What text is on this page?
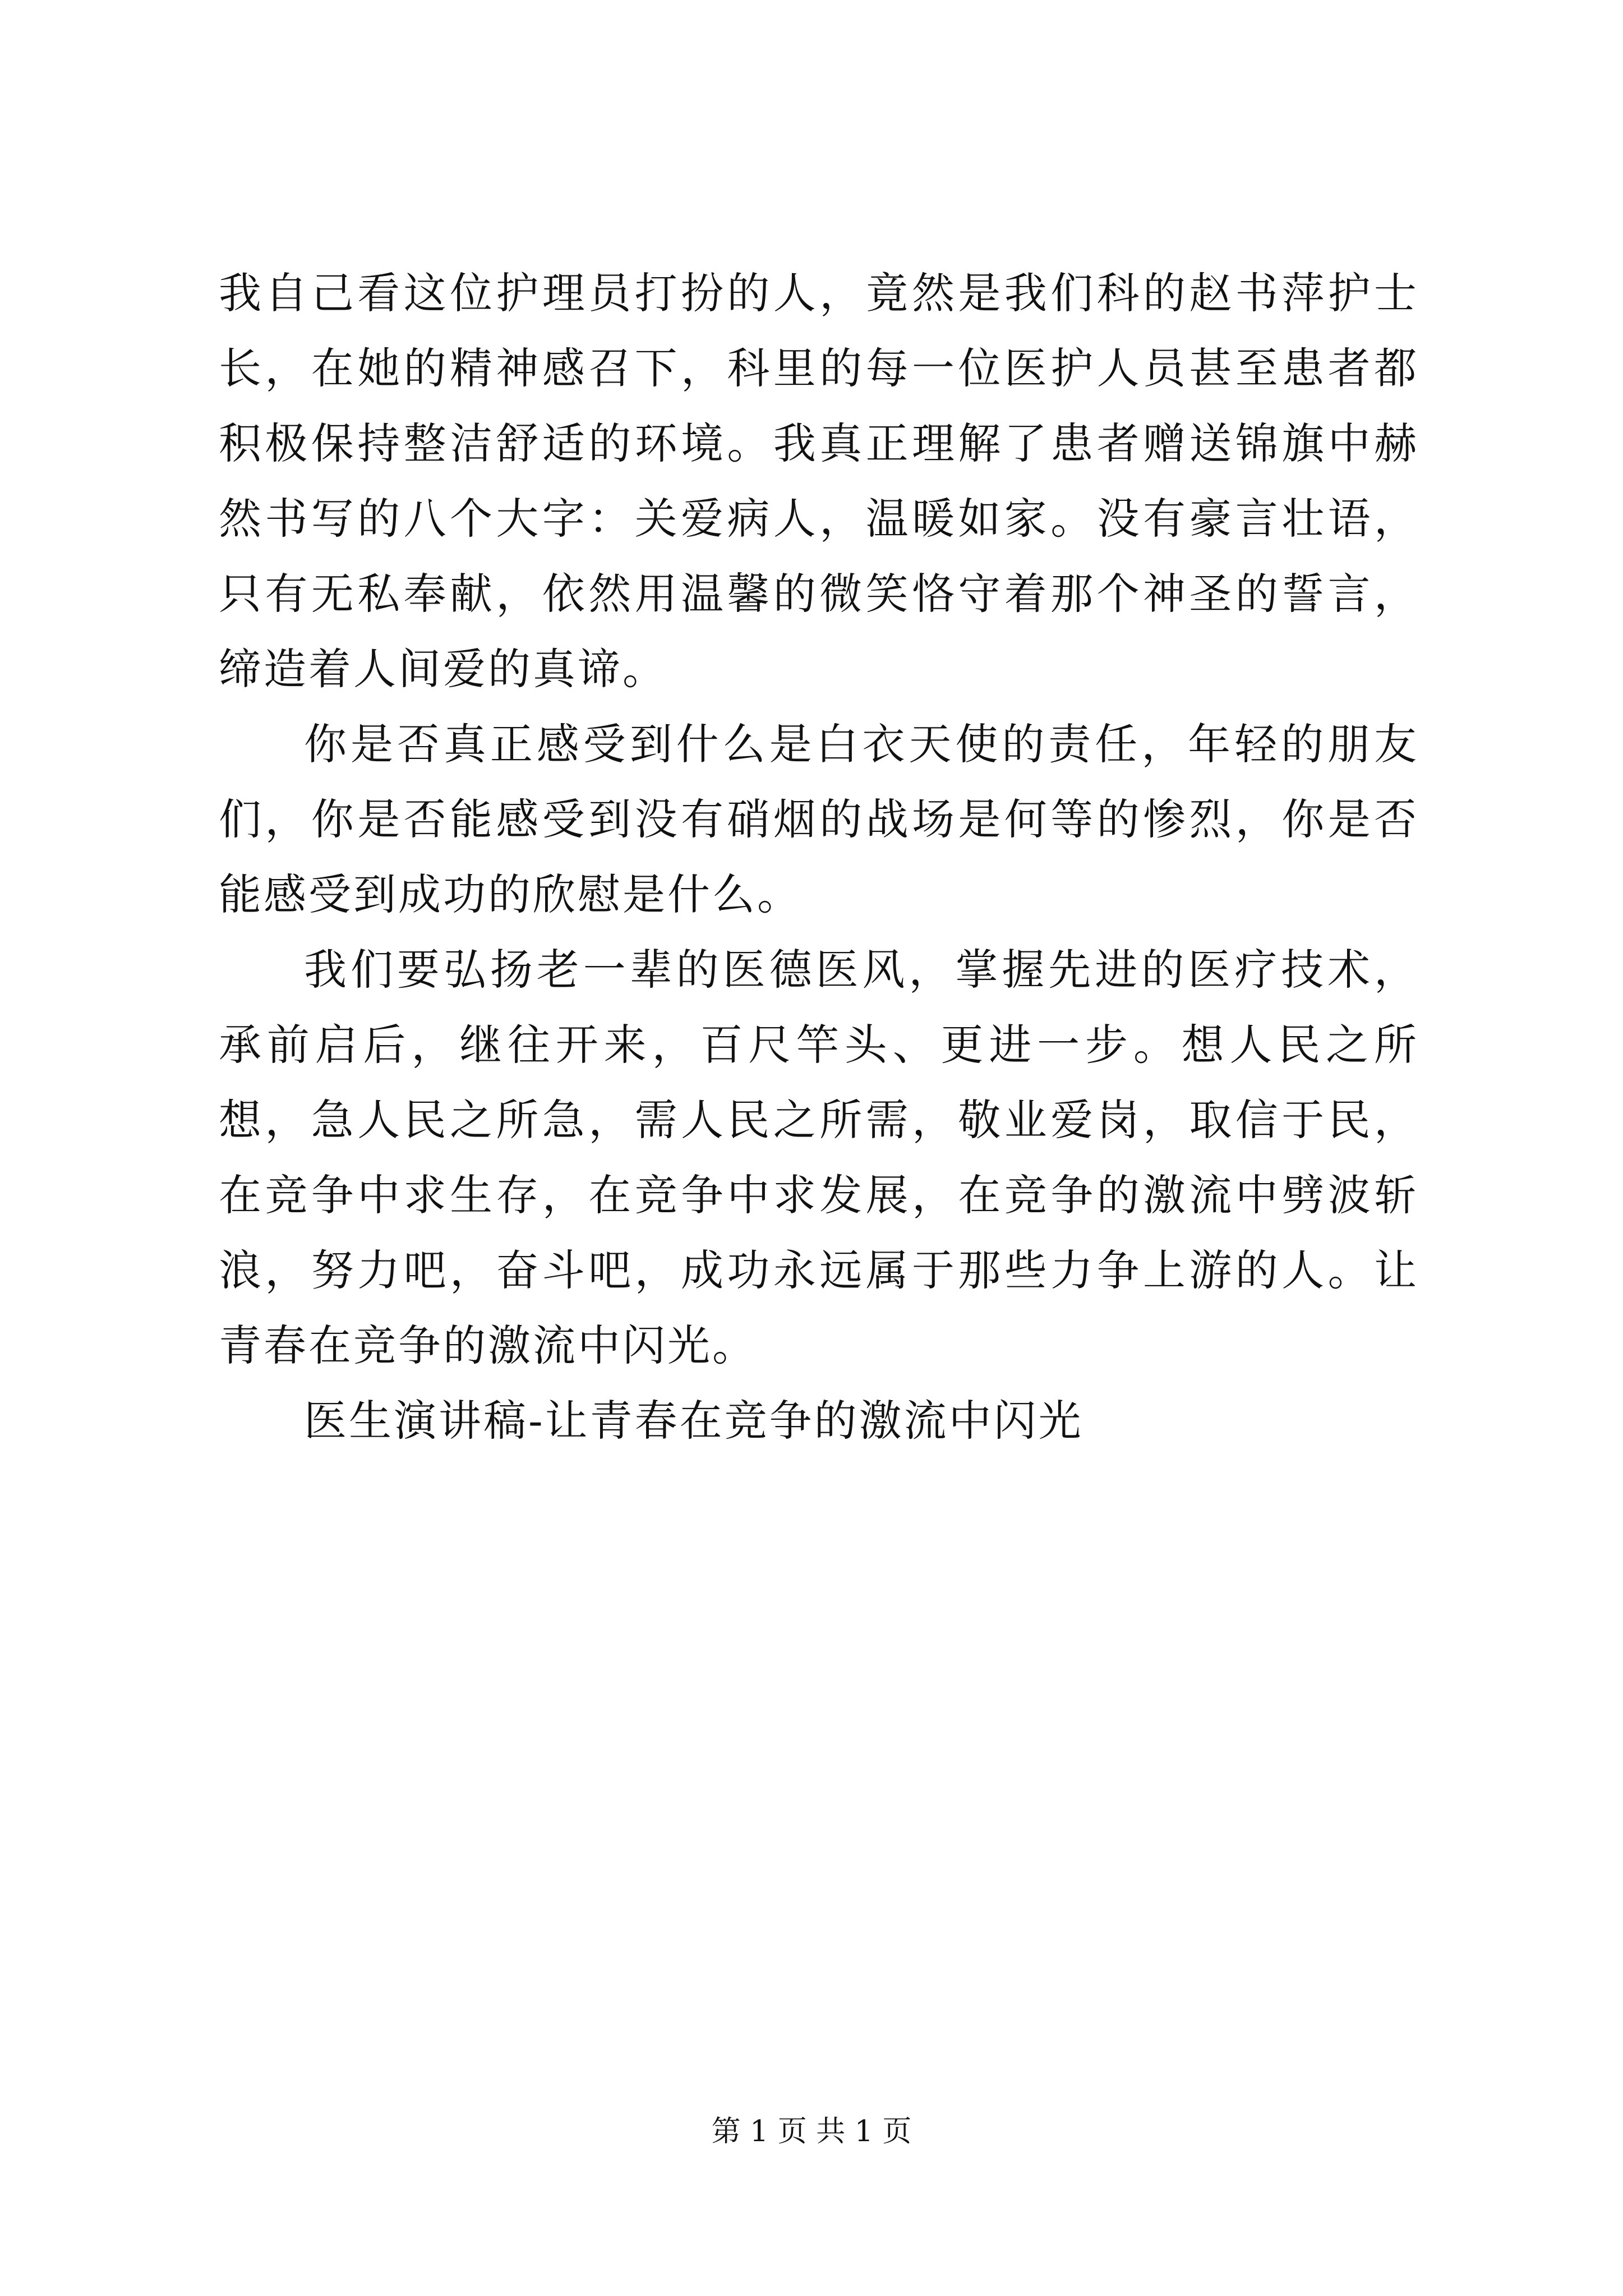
我自己看这位护理员打扮的人，竟然是我们科的赵书萍护士长，在她的精神感召下，科里的每一位医护人员甚至患者都积极保持整洁舒适的环境。我真正理解了患者赠送锦旗中赫然书写的八个大字：关爱病人，温暖如家。没有豪言壮语，只有无私奉献，依然用温馨的微笑恪守着那个神圣的誓言，缔造着人间爱的真谛。

你是否真正感受到什么是白衣天使的责任，年轻的朋友们，你是否能感受到没有硝烟的战场是何等的惨烈，你是否能感受到成功的欣慰是什么。

我们要弘扬老一辈的医德医风，掌握先进的医疗技术，承前启后，继往开来，百尺竿头、更进一步。想人民之所想，急人民之所急，需人民之所需，敬业爱岗，取信于民，在竞争中求生存，在竞争中求发展，在竞争的激流中劈波斩浪，努力吧，奋斗吧，成功永远属于那些力争上游的人。让青春在竞争的激流中闪光。

医生演讲稿-让青春在竞争的激流中闪光

第 1 页 共 1 页
